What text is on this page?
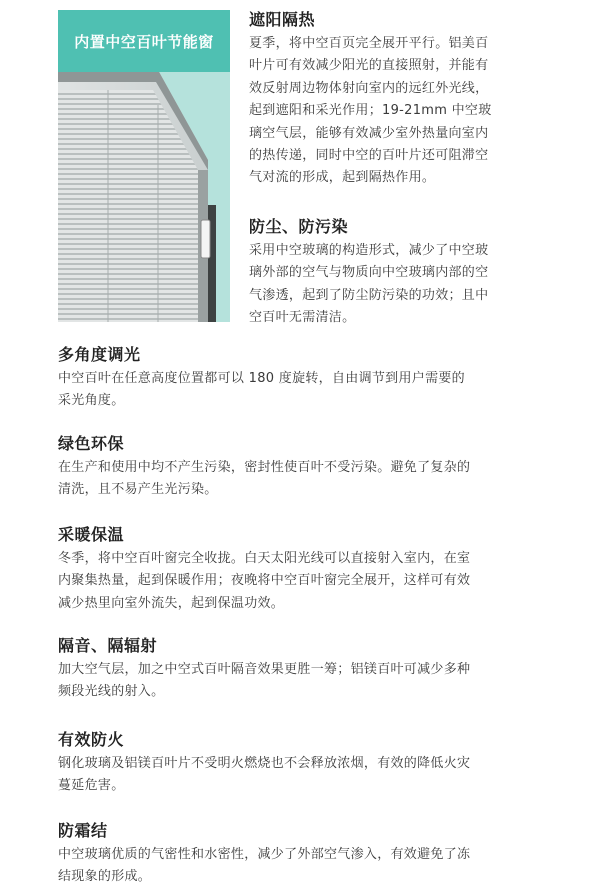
内置中空百叶节能窗
遮阳隔热

夏季，将中空百页完全展开平行。铝美百
叶片可有效减少阳光的直接照射，并能有
效反射周边物体射向室内的远红外光线，
起到遮阳和采光作用；19-21mm 中空玻
璃空气层，能够有效减少室外热量向室内
的热传递，同时中空的百叶片还可阻滞空
气对流的形成，起到隔热作用。

防尘、防污染

采用中空玻璃的构造形式，减少了中空玻
璃外部的空气与物质向中空玻璃内部的空
气渗透，起到了防尘防污染的功效；且中
空百叶无需清洁。

多角度调光

中空百叶在任意高度位置都可以 180 度旋转，自由调节到用户需要的
采光角度。

绿色环保

在生产和使用中均不产生污染，密封性使百叶不受污染。避免了复杂的
清洗，且不易产生光污染。

采暖保温

冬季，将中空百叶窗完全收拢。白天太阳光线可以直接射入室内，在室
内聚集热量，起到保暖作用；夜晚将中空百叶窗完全展开，这样可有效
减少热里向室外流失，起到保温功效。

隔音、隔辐射

加大空气层，加之中空式百叶隔音效果更胜一筹；铝镁百叶可减少多种
频段光线的射入。

有效防火

钢化玻璃及铝镁百叶片不受明火燃烧也不会释放浓烟，有效的降低火灾
蔓延危害。

防霜结

中空玻璃优质的气密性和水密性，减少了外部空气渗入，有效避免了冻
结现象的形成。
